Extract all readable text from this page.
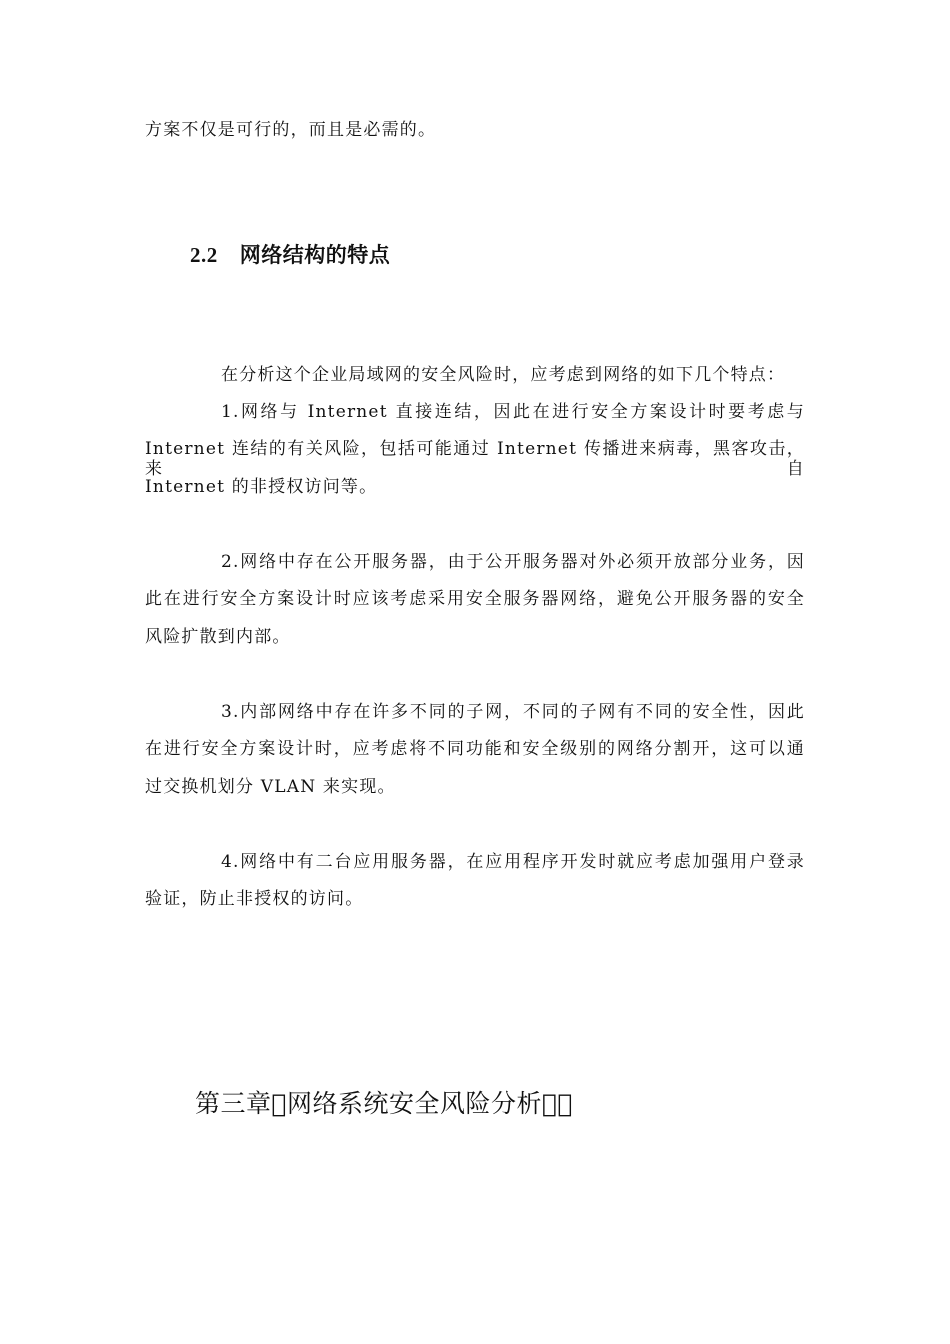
方案不仅是可行的，而且是必需的。
2.2 网络结构的特点
在分析这个企业局域网的安全风险时，应考虑到网络的如下几个特点：
1.网络与 Internet 直接连结，因此在进行安全方案设计时要考虑与
Internet 连结的有关风险，包括可能通过 Internet 传播进来病毒，黑客攻击，来自
Internet 的非授权访问等。
2.网络中存在公开服务器，由于公开服务器对外必须开放部分业务，因
此在进行安全方案设计时应该考虑采用安全服务器网络，避免公开服务器的安全
风险扩散到内部。
3.内部网络中存在许多不同的子网，不同的子网有不同的安全性，因此
在进行安全方案设计时，应考虑将不同功能和安全级别的网络分割开，这可以通
过交换机划分 VLAN 来实现。
4.网络中有二台应用服务器，在应用程序开发时就应考虑加强用户登录
验证，防止非授权的访问。
第三章 网络系统安全风险分析  
